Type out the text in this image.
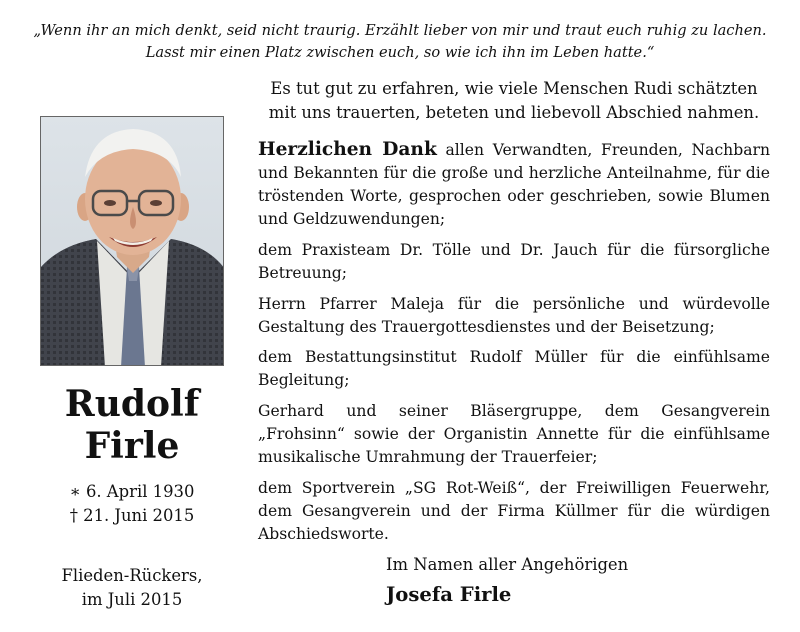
„Wenn ihr an mich denkt, seid nicht traurig. Erzählt lieber von mir und traut euch ruhig zu lachen.
Lasst mir einen Platz zwischen euch, so wie ich ihn im Leben hatte.“
Es tut gut zu erfahren, wie viele Menschen Rudi schätzten
mit uns trauerten, beteten und liebevoll Abschied nahmen.
Rudolf
Firle
∗ 6. April 1930
† 21. Juni 2015
Flieden-Rückers,
im Juli 2015

Herzlichen Dank allen Verwandten, Freunden, Nachbarn und Bekannten für die große und herzliche Anteilnahme, für die tröstenden Worte, gesprochen oder geschrieben, sowie Blumen und Geldzuwendungen;

dem Praxisteam Dr. Tölle und Dr. Jauch für die fürsorgliche Betreuung;

Herrn Pfarrer Maleja für die persönliche und würdevolle Gestaltung des Trauergottesdienstes und der Beisetzung;

dem Bestattungsinstitut Rudolf Müller für die einfühlsame Begleitung;

Gerhard und seiner Bläsergruppe, dem Gesangverein „Frohsinn“ sowie der Organistin Annette für die einfühlsame musikalische Umrahmung der Trauerfeier;

dem Sportverein „SG Rot-Weiß“, der Freiwilligen Feuerwehr, dem Gesangverein und der Firma Küllmer für die würdigen Abschiedsworte.

Im Namen aller Angehörigen
Josefa Firle
